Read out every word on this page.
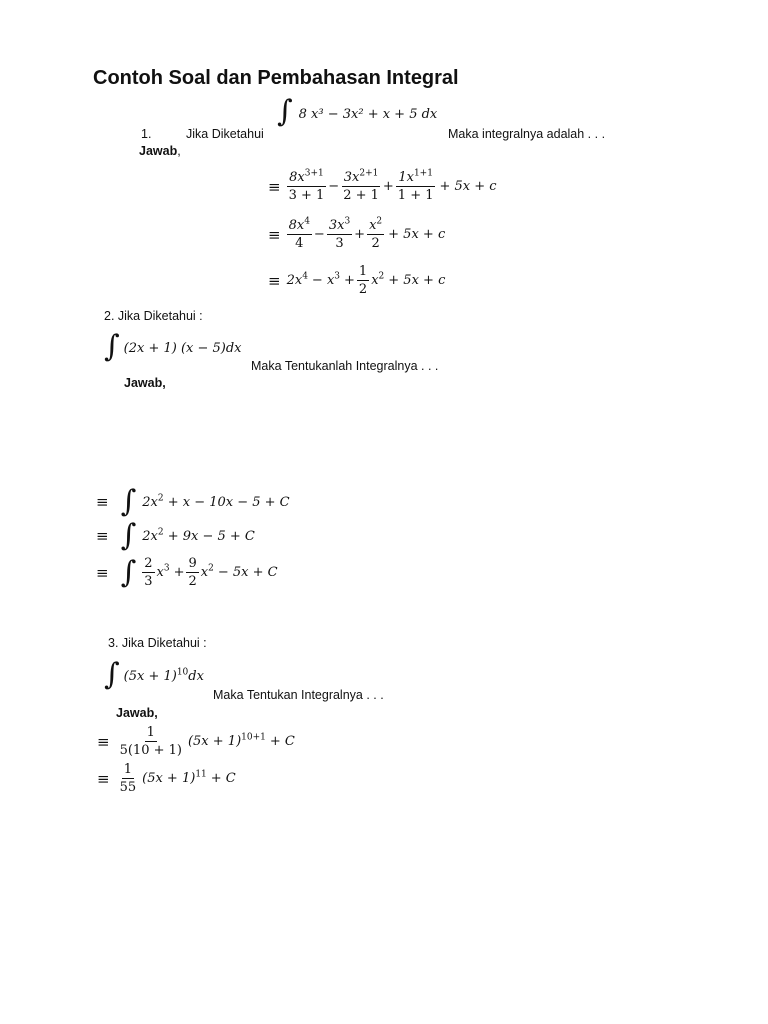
Contoh Soal dan Pembahasan Integral
∫ 8 x³ − 3x² + x + 5 dx
1.	Jika Diketahui	Maka integralnya adalah . . .
Jawab,
≡ $\frac{8x^{3+1}}{3 + 1} - \frac{3x^{2+1}}{2 + 1} + \frac{1x^{1+1}}{1 + 1} + 5x + c$
≡ $\frac{8x^4}{4} - \frac{3x^3}{3} + \frac{x^2}{2} + 5x + c$
≡ $2x^4 - x^3 + \frac{1}{2} x^2 + 5x + c$
2. Jika Diketahui :
∫ (2x + 1) (x − 5)dx
Maka Tentukanlah Integralnya . . .
Jawab,
≡ ∫ $2x^2 + x - 10x - 5 + C$
≡ ∫ $2x^2 + 9x - 5 + C$
≡ ∫ $\frac{2}{3} x^3 + \frac{9}{2} x^2 - 5x + C$
3. Jika Diketahui :
∫ $(5x + 1)^{10}dx$
Maka Tentukan Integralnya . . .
Jawab,
≡ $\frac{1}{5(10 + 1)} (5x + 1)^{10+1} + C$
≡ $\frac{1}{55} (5x + 1)^{11} + C$
